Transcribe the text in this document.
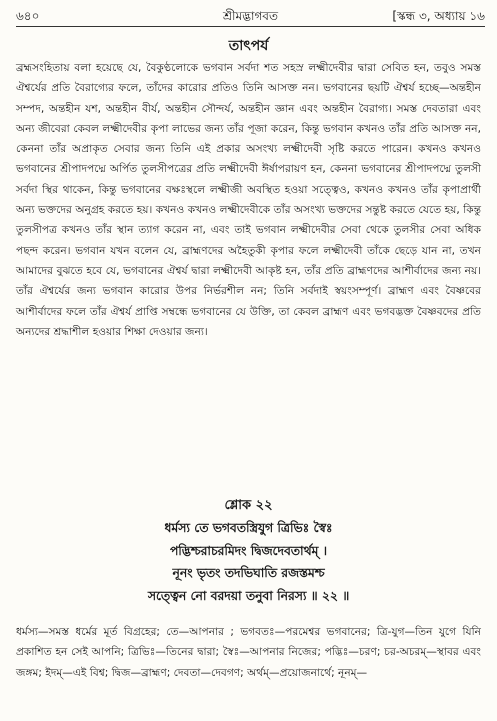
৬৪০	শ্রীমদ্ভাগবত	[স্কন্ধ ৩, অধ্যায় ১৬
তাৎপর্য

ব্রহ্মসংহিতায় বলা হয়েছে যে, বৈকুণ্ঠলোকে ভগবান সর্বদা শত সহস্র লক্ষ্মীদেবীর দ্বারা সেবিত হন, তবুও সমস্ত ঐশ্বর্যের প্রতি বৈরাগ্যের ফলে, তাঁদের কারোর প্রতিও তিনি আসক্ত নন। ভগবানের ছয়টি ঐশ্বর্য হচ্ছে—অন্তহীন সম্পদ, অন্তহীন যশ, অন্তহীন বীর্য, অন্তহীন সৌন্দর্য, অন্তহীন জ্ঞান এবং অন্তহীন বৈরাগ্য। সমস্ত দেবতারা এবং অন্য জীবেরা কেবল লক্ষ্মীদেবীর কৃপা লাভের জন্য তাঁর পূজা করেন, কিন্তু ভগবান কখনও তাঁর প্রতি আসক্ত নন, কেননা তাঁর অপ্রাকৃত সেবার জন্য তিনি এই প্রকার অসংখ্য লক্ষ্মীদেবী সৃষ্টি করতে পারেন। কখনও কখনও ভগবানের শ্রীপাদপদ্মে অর্পিত তুলসীপত্রের প্রতি লক্ষ্মীদেবী ঈর্ষাপরায়ণ হন, কেননা ভগবানের শ্রীপাদপদ্মে তুলসী সর্বদা স্থির থাকেন, কিন্তু ভগবানের বক্ষঃস্থলে লক্ষ্মীজী অবস্থিত হওয়া সত্ত্বেও, কখনও কখনও তাঁর কৃপাপ্রার্থী অন্য ভক্তদের অনুগ্রহ করতে হয়। কখনও কখনও লক্ষ্মীদেবীকে তাঁর অসংখ্য ভক্তদের সন্তুষ্ট করতে যেতে হয়, কিন্তু তুলসীপত্র কখনও তাঁর স্থান ত্যাগ করেন না, এবং তাই ভগবান লক্ষ্মীদেবীর সেবা থেকে তুলসীর সেবা অধিক পছন্দ করেন। ভগবান যখন বলেন যে, ব্রাহ্মণদের অহৈতুকী কৃপার ফলে লক্ষ্মীদেবী তাঁকে ছেড়ে যান না, তখন আমাদের বুঝতে হবে যে, ভগবানের ঐশ্বর্য দ্বারা লক্ষ্মীদেবী আকৃষ্ট হন, তাঁর প্রতি ব্রাহ্মণদের আশীর্বাদের জন্য নয়। তাঁর ঐশ্বর্যের জন্য ভগবান কারোর উপর নির্ভরশীল নন; তিনি সর্বদাই স্বয়ংসম্পূর্ণ। ব্রাহ্মণ এবং বৈষ্ণবের আশীর্বাদের ফলে তাঁর ঐশ্বর্য প্রাপ্তি সম্বন্ধে ভগবানের যে উক্তি, তা কেবল ব্রাহ্মণ এবং ভগবদ্ভক্ত বৈষ্ণবদের প্রতি অন্যদের শ্রদ্ধাশীল হওয়ার শিক্ষা দেওয়ার জন্য।

শ্লোক ২২
ধর্মস্য তে ভগবতস্ত্রিযুগ ত্রিভিঃ স্বৈঃ
পদ্ভিশ্চরাচরমিদং দ্বিজদেবতার্থম্ ।
নূনং ভৃতং তদভিঘাতি রজস্তমশ্চ
সত্ত্বেন নো বরদয়া তনুবা নিরস্য ॥ ২২ ॥

ধর্মস্য—সমস্ত ধর্মের মূর্ত বিগ্রহের; তে—আপনার ; ভগবতঃ—পরমেশ্বর ভগবানের; ত্রি-যুগ—তিন যুগে যিনি প্রকাশিত হন সেই আপনি; ত্রিভিঃ—তিনের দ্বারা; স্বৈঃ—আপনার নিজের; পদ্ভিঃ—চরণ; চর-অচরম্—স্থাবর এবং জঙ্গম; ইদম্—এই বিশ্ব; দ্বিজ—ব্রাহ্মণ; দেবতা—দেবগণ; অর্থম্—প্রয়োজনার্থে; নূনম্—
